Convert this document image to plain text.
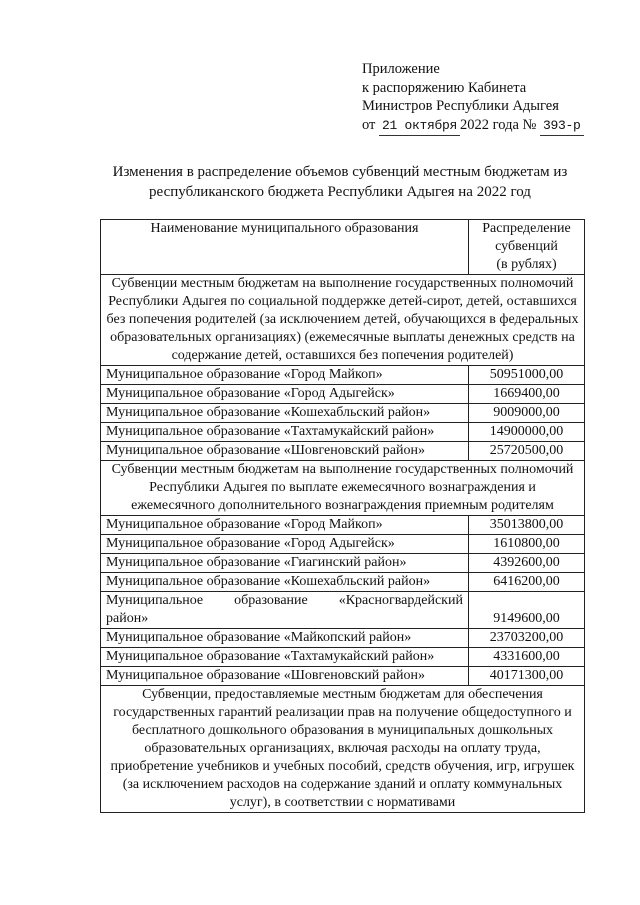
Приложение
к распоряжению Кабинета
Министров Республики Адыгея
от 21 октября 2022 года № 393-р
Изменения в распределение объемов субвенций местным бюджетам из республиканского бюджета Республики Адыгея на 2022 год
Наименование муниципального образования	Распределение
субвенций
(в рублях)

Субвенции местным бюджетам на выполнение государственных полномочий Республики Адыгея по социальной поддержке детей-сирот, детей, оставшихся без попечения родителей (за исключением детей, обучающихся в федеральных образовательных организациях) (ежемесячные выплаты денежных средств на содержание детей, оставшихся без попечения родителей)	
Муниципальное образование «Город Майкоп»	50951000,00
Муниципальное образование «Город Адыгейск»	1669400,00
Муниципальное образование «Кошехабльский район»	9009000,00
Муниципальное образование «Тахтамукайский район»	14900000,00
Муниципальное образование «Шовгеновский район»	25720500,00
Субвенции местным бюджетам на выполнение государственных полномочий Республики Адыгея по выплате ежемесячного вознаграждения и ежемесячного дополнительного вознаграждения приемным родителям	
Муниципальное образование «Город Майкоп»	35013800,00
Муниципальное образование «Город Адыгейск»	1610800,00
Муниципальное образование «Гиагинский район»	4392600,00
Муниципальное образование «Кошехабльский район»	6416200,00

Муниципальное образование «Красногвардейский
район»	9149600,00
Муниципальное образование «Майкопский район»	23703200,00
Муниципальное образование «Тахтамукайский район»	4331600,00
Муниципальное образование «Шовгеновский район»	40171300,00
Субвенции, предоставляемые местным бюджетам для обеспечения государственных гарантий реализации прав на получение общедоступного и бесплатного дошкольного образования в муниципальных дошкольных образовательных организациях, включая расходы на оплату труда, приобретение учебников и учебных пособий, средств обучения, игр, игрушек (за исключением расходов на содержание зданий и оплату коммунальных услуг), в соответствии с нормативами	
